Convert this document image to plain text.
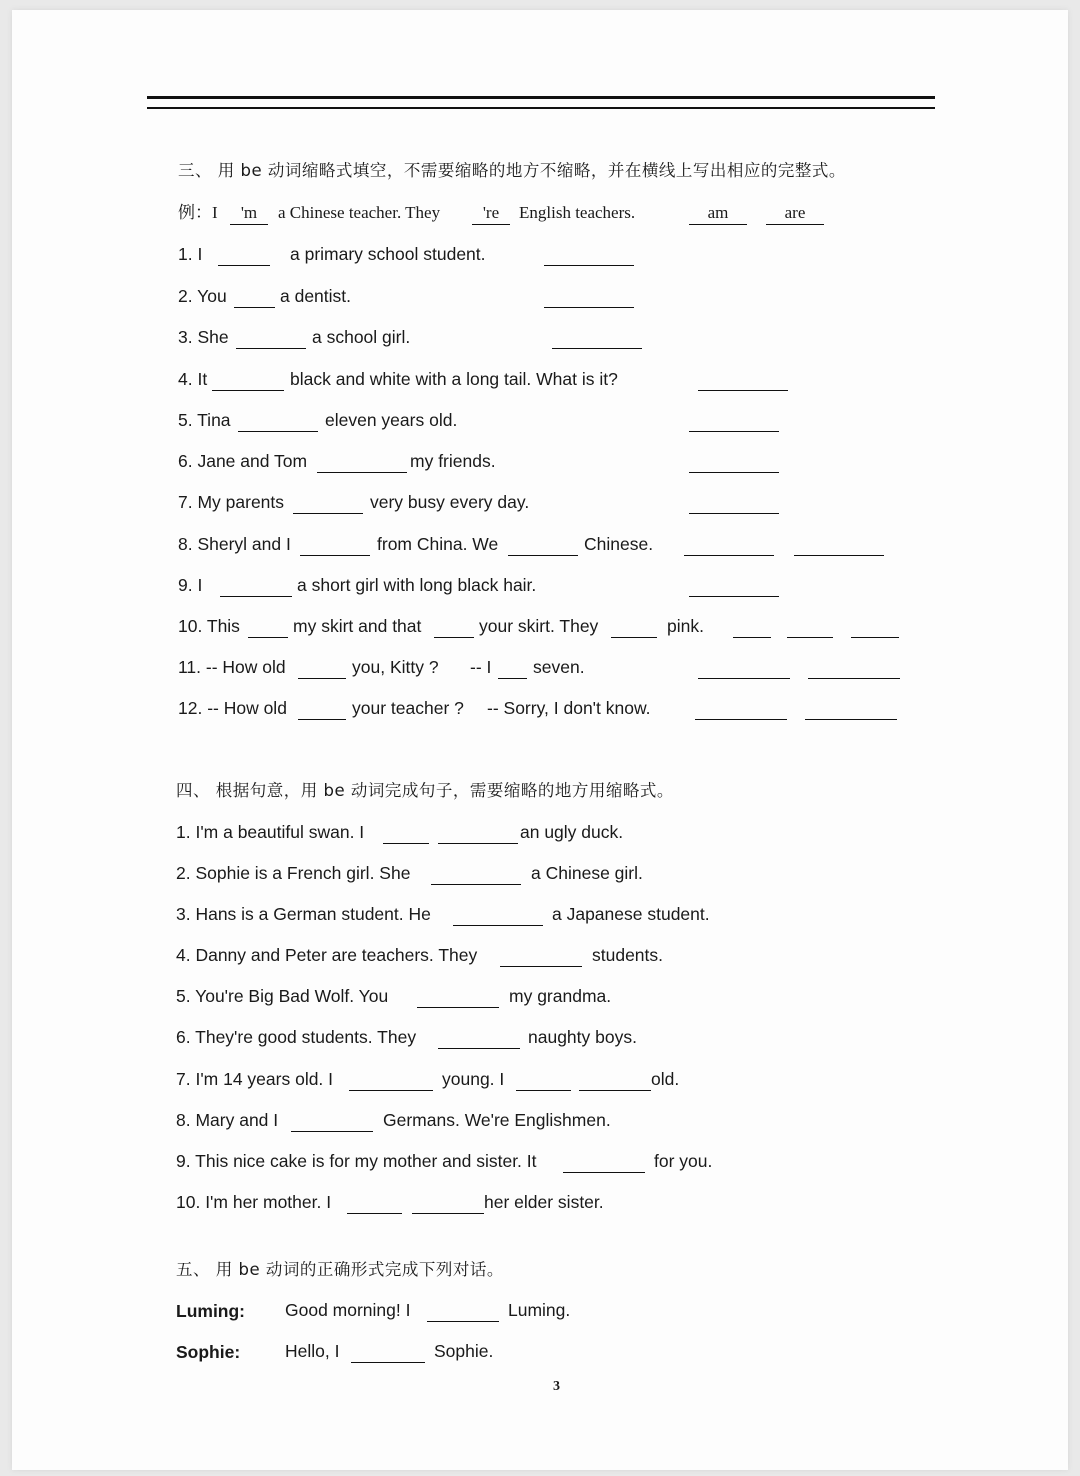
三、 用 be 动词缩略式填空，不需要缩略的地方不缩略，并在横线上写出相应的完整式。
例：I	'm	a Chinese teacher. They	're	English teachers.	am	are
1. I	a primary school student.
2. You	a dentist.
3. She	a school girl.
4. It	black and white with a long tail. What is it?
5. Tina	eleven years old.
6. Jane and Tom	my friends.
7. My parents	very busy every day.
8. Sheryl and I	from China. We	Chinese.
9. I	a short girl with long black hair.
10. This	my skirt and that	your skirt. They	pink.
11. -- How old	you, Kitty ? -- I seven.
12. -- How old	your teacher ? -- Sorry, I don't know.
四、 根据句意，用 be 动词完成句子，需要缩略的地方用缩略式。
1. I'm a beautiful swan. I	an ugly duck.
2. Sophie is a French girl. She	a Chinese girl.
3. Hans is a German student. He	a Japanese student.
4. Danny and Peter are teachers. They	students.
5. You're Big Bad Wolf. You	my grandma.
6. They're good students. They	naughty boys.
7. I'm 14 years old. I	young. I	old.
8. Mary and I	Germans. We're Englishmen.
9. This nice cake is for my mother and sister. It	for you.
10. I'm her mother. I	her elder sister.
五、 用 be 动词的正确形式完成下列对话。
Luming: Good morning! I	Luming.
Sophie:	Hello, I	Sophie.
3
